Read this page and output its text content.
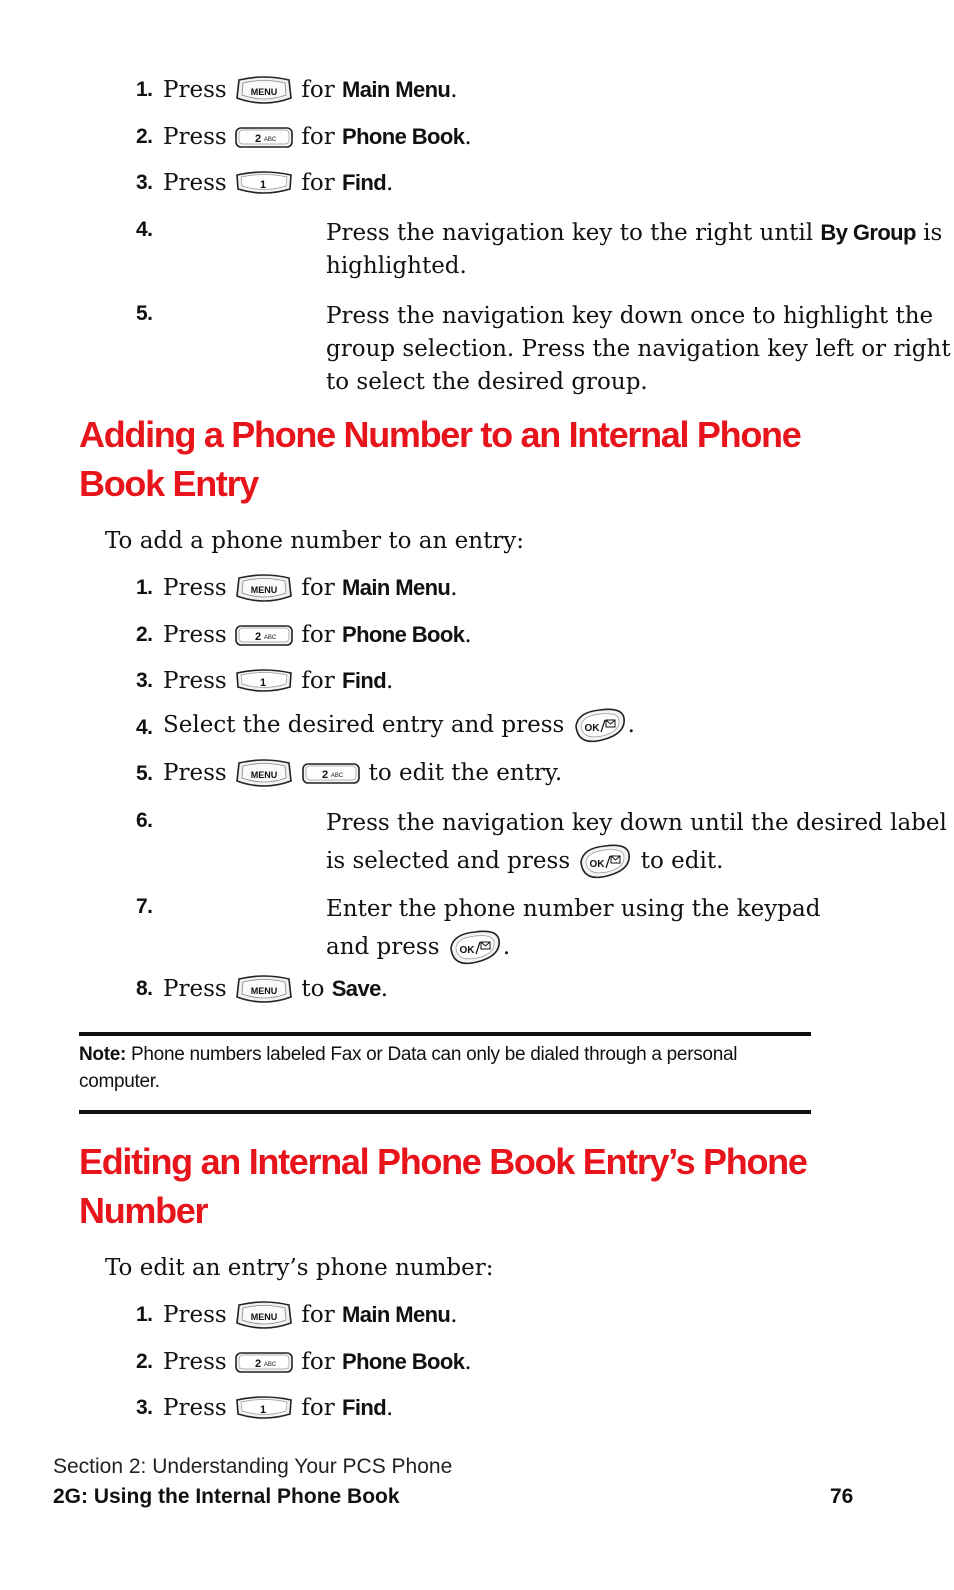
1. Press	MENU for Main Menu.
2. Press	2 ABC for Phone Book.
3. Press	1 for Find.
4.	Press the navigation key to the right until By Group is highlighted.
5.	Press the navigation key down once to highlight the group selection. Press the navigation key left or right to select the desired group.
Adding a Phone Number to an Internal Phone Book Entry
To add a phone number to an entry:
1. Press	MENU for Main Menu.
2. Press	2 ABC for Phone Book.
3. Press	1 for Find.
4. Select the desired entry and press OK .
5. Press	MENU
	2 ABC to edit the entry.
6.	Press the navigation key down until the desired label is selected and press OK to edit.
7.	Enter the phone number using the keypad and press OK .
8. Press	MENU to Save.
Note: Phone numbers labeled Fax or Data can only be dialed through a personal computer.
Editing an Internal Phone Book Entry’s Phone Number
To edit an entry’s phone number:
1. Press	MENU for Main Menu.
2. Press	2 ABC for Phone Book.
3. Press	1 for Find.
Section 2: Understanding Your PCS Phone
2G: Using the Internal Phone Book	76
